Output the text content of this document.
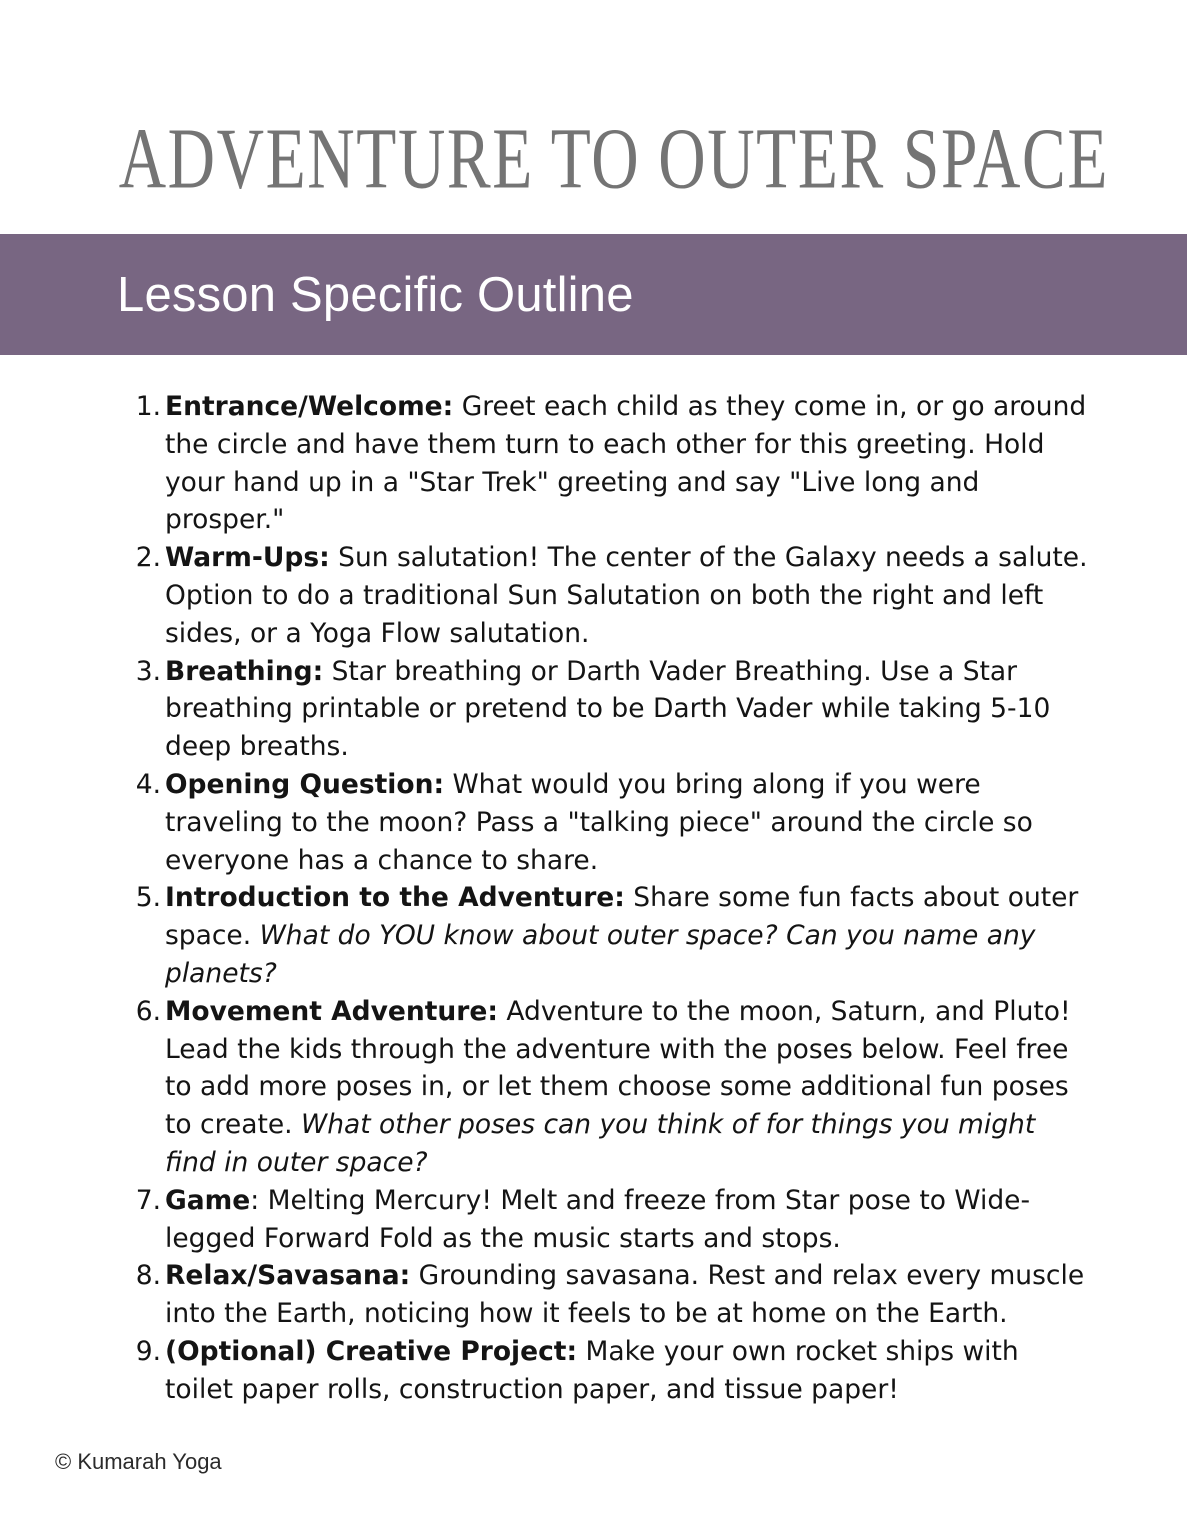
ADVENTURE TO OUTER SPACE
Lesson Specific Outline
Entrance/Welcome: Greet each child as they come in, or go around the circle and have them turn to each other for this greeting. Hold your hand up in a "Star Trek" greeting and say "Live long and prosper."
Warm-Ups: Sun salutation! The center of the Galaxy needs a salute. Option to do a traditional Sun Salutation on both the right and left sides, or a Yoga Flow salutation.
Breathing: Star breathing or Darth Vader Breathing. Use a Star breathing printable or pretend to be Darth Vader while taking 5-10 deep breaths.
Opening Question: What would you bring along if you were traveling to the moon? Pass a "talking piece" around the circle so everyone has a chance to share.
Introduction to the Adventure: Share some fun facts about outer space. What do YOU know about outer space? Can you name any planets?
Movement Adventure: Adventure to the moon, Saturn, and Pluto! Lead the kids through the adventure with the poses below. Feel free to add more poses in, or let them choose some additional fun poses to create. What other poses can you think of for things you might find in outer space?
Game: Melting Mercury! Melt and freeze from Star pose to Wide-legged Forward Fold as the music starts and stops.
Relax/Savasana: Grounding savasana. Rest and relax every muscle into the Earth, noticing how it feels to be at home on the Earth.
(Optional) Creative Project: Make your own rocket ships with toilet paper rolls, construction paper, and tissue paper!
© Kumarah Yoga
